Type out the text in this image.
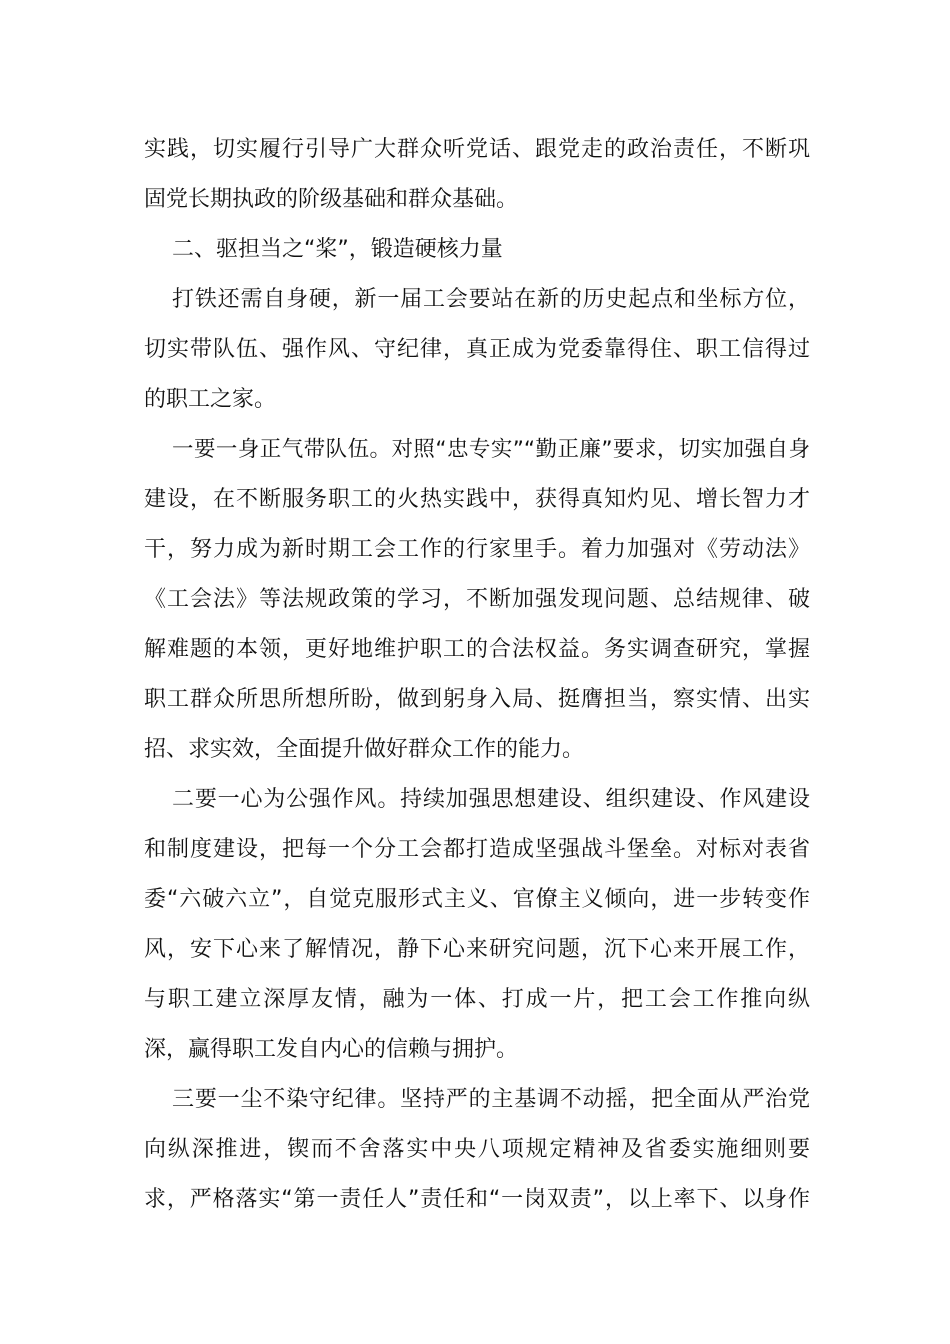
实践，切实履行引导广大群众听党话、跟党走的政治责任，不断巩
固党长期执政的阶级基础和群众基础。
二、驱担当之“桨”，锻造硬核力量
打铁还需自身硬，新一届工会要站在新的历史起点和坐标方位，
切实带队伍、强作风、守纪律，真正成为党委靠得住、职工信得过
的职工之家。
一要一身正气带队伍。对照“忠专实”“勤正廉”要求，切实加强自身
建设，在不断服务职工的火热实践中，获得真知灼见、增长智力才
干，努力成为新时期工会工作的行家里手。着力加强对《劳动法》
《工会法》等法规政策的学习，不断加强发现问题、总结规律、破
解难题的本领，更好地维护职工的合法权益。务实调查研究，掌握
职工群众所思所想所盼，做到躬身入局、挺膺担当，察实情、出实
招、求实效，全面提升做好群众工作的能力。
二要一心为公强作风。持续加强思想建设、组织建设、作风建设
和制度建设，把每一个分工会都打造成坚强战斗堡垒。对标对表省
委“六破六立”，自觉克服形式主义、官僚主义倾向，进一步转变作
风，安下心来了解情况，静下心来研究问题，沉下心来开展工作，
与职工建立深厚友情，融为一体、打成一片，把工会工作推向纵
深，赢得职工发自内心的信赖与拥护。
三要一尘不染守纪律。坚持严的主基调不动摇，把全面从严治党
向纵深推进，锲而不舍落实中央八项规定精神及省委实施细则要
求，严格落实“第一责任人”责任和“一岗双责”，以上率下、以身作
